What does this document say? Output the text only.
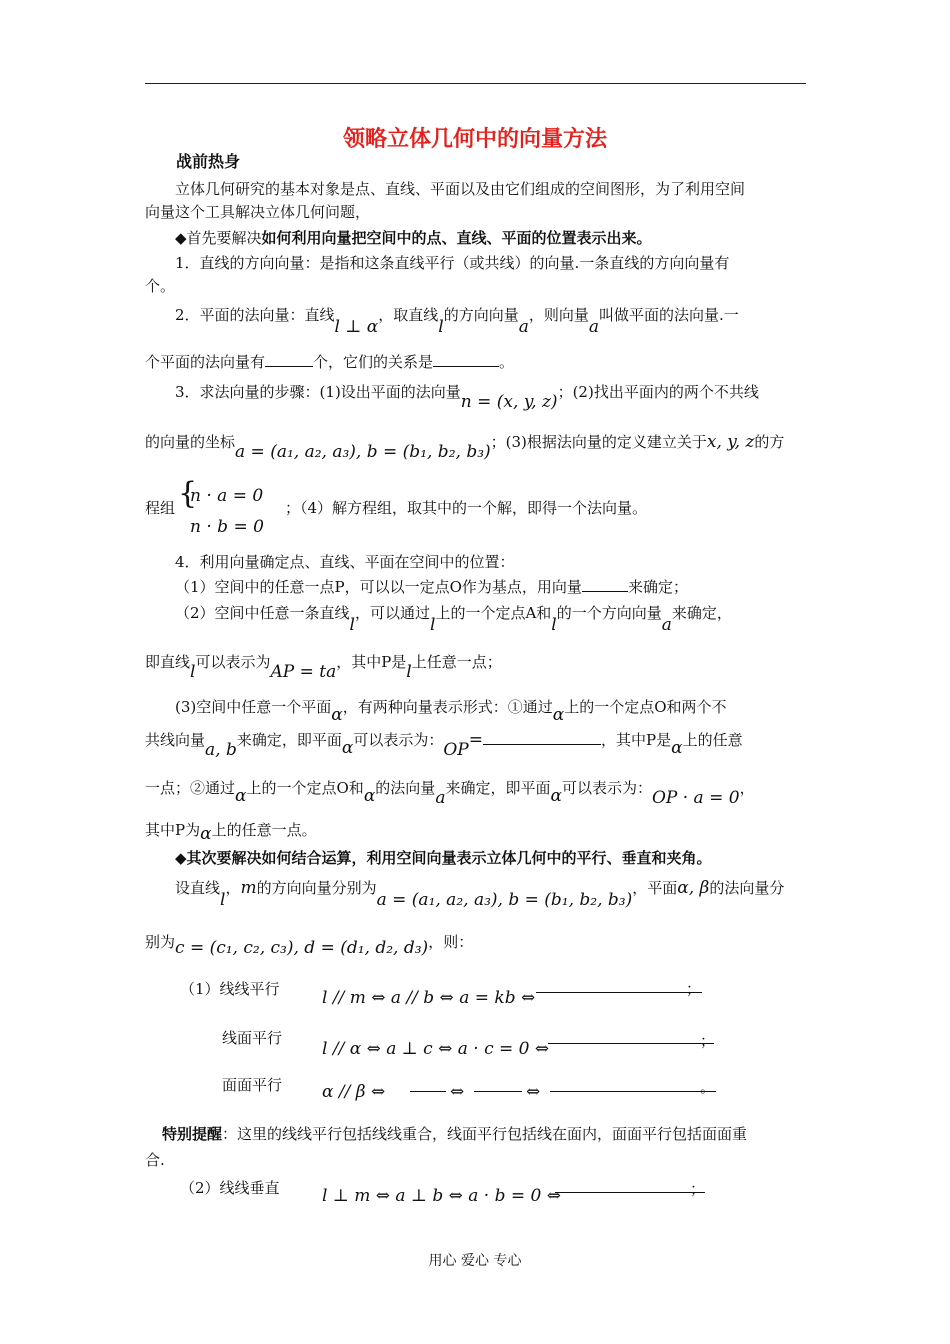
领略立体几何中的向量方法
战前热身
立体几何研究的基本对象是点、直线、平面以及由它们组成的空间图形，为了利用空间
向量这个工具解决立体几何问题，
◆首先要解决如何利用向量把空间中的点、直线、平面的位置表示出来。
1．直线的方向向量：是指和这条直线平行（或共线）的向量.一条直线的方向向量有
个。
2．平面的法向量：直线l ⊥ α，取直线l的方向向量a，则向量a叫做平面的法向量.一
个平面的法向量有	个，它们的关系是	。
3．求法向量的步骤：(1)设出平面的法向量n = (x, y, z)；(2)找出平面内的两个不共线
的向量的坐标a = (a₁, a₂, a₃), b = (b₁, b₂, b₃)；(3)根据法向量的定义建立关于x, y, z的方
程组	；（4）解方程组，取其中的一个解，即得一个法向量。
{
n · a = 0
n · b = 0
4．利用向量确定点、直线、平面在空间中的位置：
（1）空间中的任意一点P，可以以一定点O作为基点，用向量	来确定；
（2）空间中任意一条直线l，可以通过l上的一个定点A和l的一个方向向量a来确定，
即直线l可以表示为AP = ta，其中P是l上任意一点；
(3)空间中任意一个平面α，有两种向量表示形式：①通过α上的一个定点O和两个不
共线向量a, b来确定，即平面α可以表示为：OP=	，其中P是α上的任意
一点；②通过α上的一个定点O和α的法向量a来确定，即平面α可以表示为：OP · a = 0，
其中P为α上的任意一点。
◆其次要解决如何结合运算，利用空间向量表示立体几何中的平行、垂直和夹角。
设直线l，m的方向向量分别为a = (a₁, a₂, a₃), b = (b₁, b₂, b₃)，平面α, β的法向量分
别为c = (c₁, c₂, c₃), d = (d₁, d₂, d₃)，则：
（1）线线平行 l // m ⇔ a // b ⇔ a = kb ⇔	；
线面平行
l // α ⇔ a ⊥ c ⇔ a · c = 0 ⇔	；
面面平行 α // β ⇔	⇔	⇔	。
特别提醒：这里的线线平行包括线线重合，线面平行包括线在面内，面面平行包括面面重
合.
（2）线线垂直 l ⊥ m ⇔ a ⊥ b ⇔ a · b = 0 ⇔	；
用心 爱心 专心
